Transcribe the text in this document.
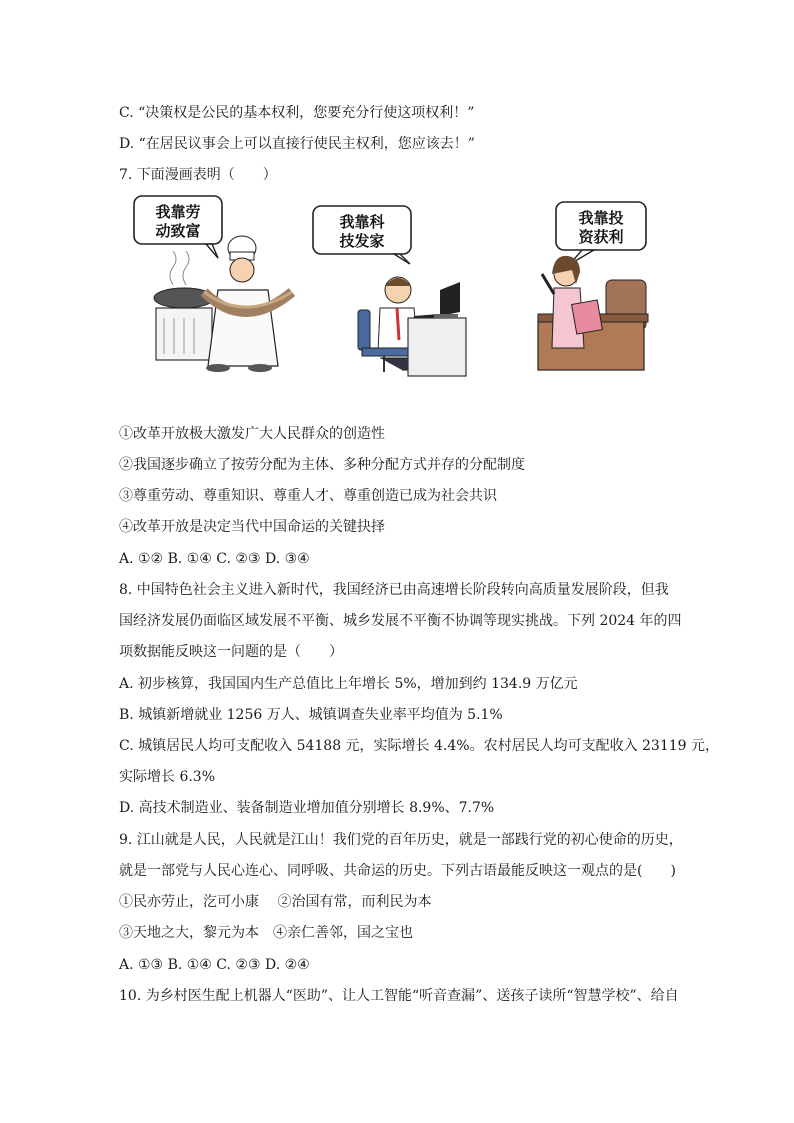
C. “决策权是公民的基本权利，您要充分行使这项权利！”
D. “在居民议事会上可以直接行使民主权利，您应该去！”
7. 下面漫画表明（　　）
我靠劳
动致富	我靠科
技发家
我靠投
资获利
①改革开放极大激发广大人民群众的创造性
②我国逐步确立了按劳分配为主体、多种分配方式并存的分配制度
③尊重劳动、尊重知识、尊重人才、尊重创造已成为社会共识
④改革开放是决定当代中国命运的关键抉择
A. ①② B. ①④ C. ②③ D. ③④
8. 中国特色社会主义进入新时代，我国经济已由高速增长阶段转向高质量发展阶段，但我
国经济发展仍面临区域发展不平衡、城乡发展不平衡不协调等现实挑战。下列 2024 年的四
项数据能反映这一问题的是（　　）
A. 初步核算，我国国内生产总值比上年增长 5%，增加到约 134.9 万亿元
B. 城镇新增就业 1256 万人、城镇调查失业率平均值为 5.1%
C. 城镇居民人均可支配收入 54188 元，实际增长 4.4%。农村居民人均可支配收入 23119 元，
实际增长 6.3%
D. 高技术制造业、装备制造业增加值分别增长 8.9%、7.7%
9. 江山就是人民，人民就是江山！我们党的百年历史，就是一部践行党的初心使命的历史，
就是一部党与人民心连心、同呼吸、共命运的历史。下列古语最能反映这一观点的是(　　)
①民亦劳止，汔可小康　 ②治国有常，而利民为本
③天地之大，黎元为本　④亲仁善邻，国之宝也
A. ①③ B. ①④ C. ②③ D. ②④
10. 为乡村医生配上机器人“医助”、让人工智能“听音查漏”、送孩子读所“智慧学校”、给自
